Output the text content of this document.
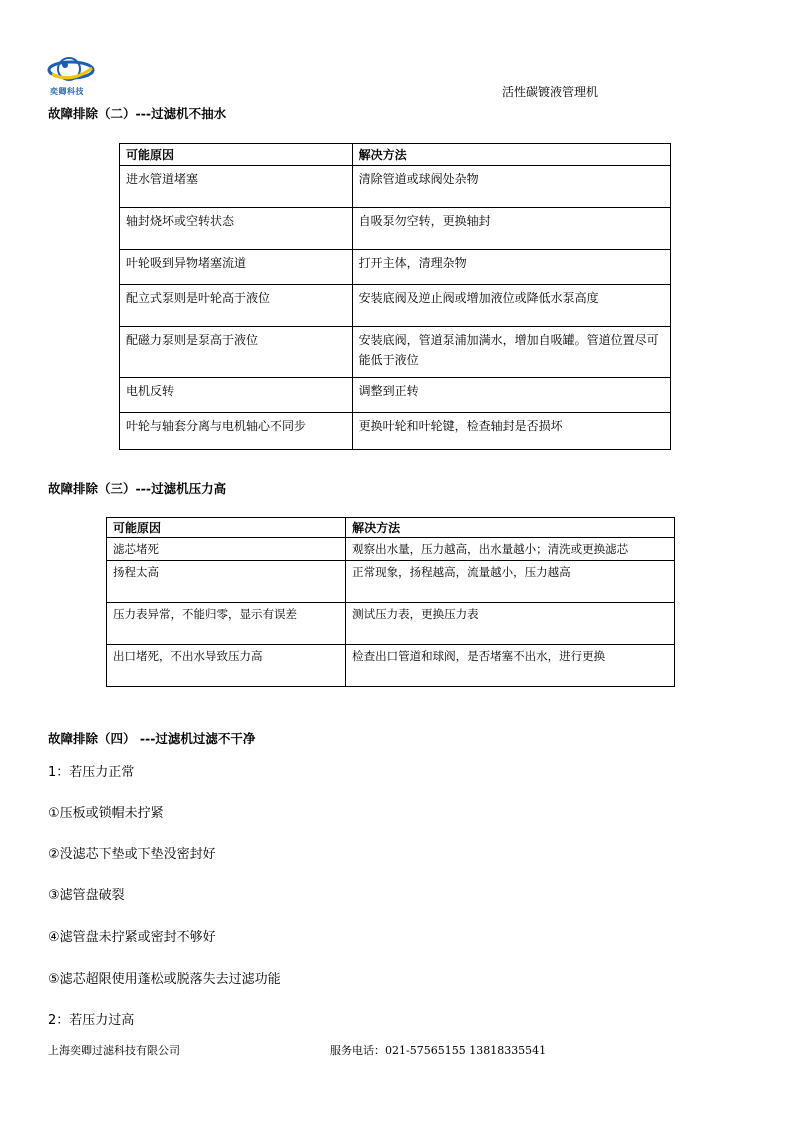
奕卿科技	活性碳镀液管理机
故障排除（二）---过滤机不抽水
可能原因	解决方法
进水管道堵塞	清除管道或球阀处杂物
轴封烧坏或空转状态	自吸泵勿空转，更换轴封
叶轮吸到异物堵塞流道	打开主体，清理杂物
配立式泵则是叶轮高于液位	安装底阀及逆止阀或增加液位或降低水泵高度
配磁力泵则是泵高于液位	安装底阀，管道泵浦加满水，增加自吸罐。管道位置尽可能低于液位
电机反转	调整到正转
叶轮与轴套分离与电机轴心不同步	更换叶轮和叶轮键，检查轴封是否损坏
故障排除（三）---过滤机压力高
可能原因	解决方法
滤芯堵死	观察出水量，压力越高，出水量越小；清洗或更换滤芯
扬程太高	正常现象，扬程越高，流量越小，压力越高
压力表异常，不能归零，显示有误差	测试压力表，更换压力表
出口堵死，不出水导致压力高	检查出口管道和球阀，是否堵塞不出水，进行更换
故障排除（四） ---过滤机过滤不干净
1：若压力正常
①压板或锁帽未拧紧
②没滤芯下垫或下垫没密封好
③滤管盘破裂
④滤管盘未拧紧或密封不够好
⑤滤芯超限使用蓬松或脱落失去过滤功能
2：若压力过高
上海奕卿过滤科技有限公司	服务电话：021-57565155 13818335541
